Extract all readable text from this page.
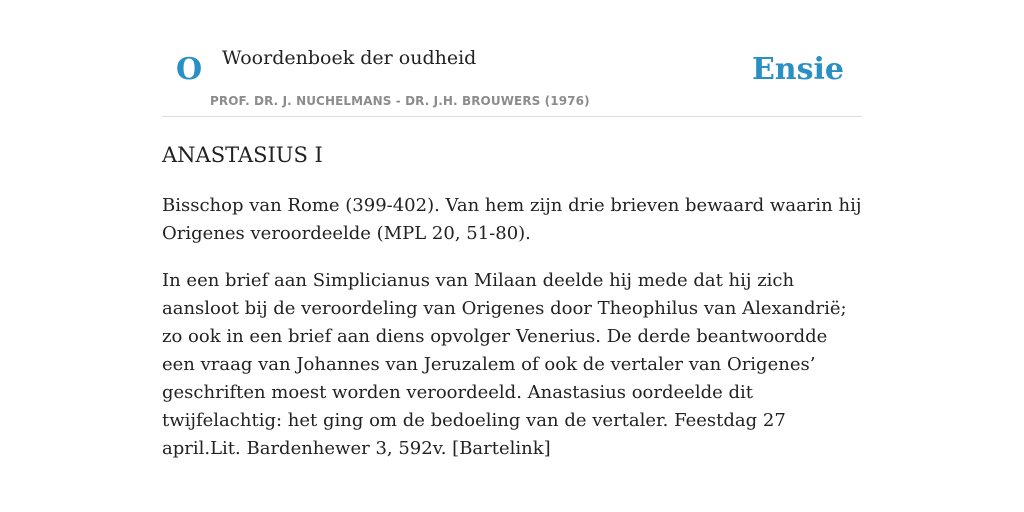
O Woordenboek der oudheid
PROF. DR. J. NUCHELMANS - DR. J.H. BROUWERS (1976)
Ensie
ANASTASIUS I

Bisschop van Rome (399-402). Van hem zijn drie brieven bewaard waarin hij Origenes veroordeelde (MPL 20, 51-80).

In een brief aan Simplicianus van Milaan deelde hij mede dat hij zich aansloot bij de veroordeling van Origenes door Theophilus van Alexandrië; zo ook in een brief aan diens opvolger Venerius. De derde beantwoordde een vraag van Johannes van Jeruzalem of ook de vertaler van Origenes’ geschriften moest worden veroordeeld. Anastasius oordeelde dit twijfelachtig: het ging om de bedoeling van de vertaler. Feestdag 27 april.Lit. Bardenhewer 3, 592v. [Bartelink]
